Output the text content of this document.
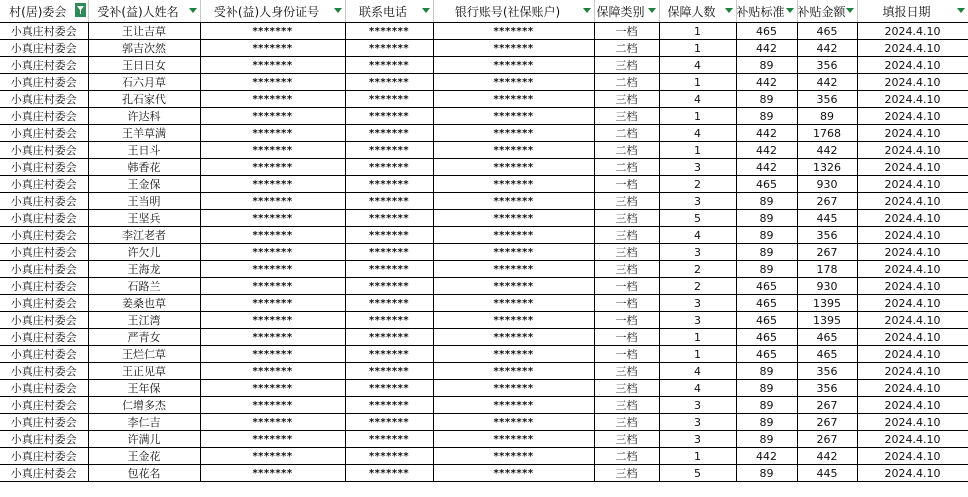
村(居)委会	受补(益)人姓名	受补(益)人身份证号	联系电话	银行账号(社保账户)	保障类别	保障人数	补贴标准	补贴金额	填报日期

小真庄村委会	王让吉草	*******	*******	*******	一档	1	465	465	2024.4.10
小真庄村委会	郭吉次然	*******	*******	*******	二档	1	442	442	2024.4.10
小真庄村委会	王日日女	*******	*******	*******	三档	4	89	356	2024.4.10
小真庄村委会	石六月草	*******	*******	*******	二档	1	442	442	2024.4.10
小真庄村委会	孔石家代	*******	*******	*******	三档	4	89	356	2024.4.10
小真庄村委会	许达科	*******	*******	*******	三档	1	89	89	2024.4.10
小真庄村委会	王羊草满	*******	*******	*******	二档	4	442	1768	2024.4.10
小真庄村委会	王日斗	*******	*******	*******	二档	1	442	442	2024.4.10
小真庄村委会	韩香花	*******	*******	*******	二档	3	442	1326	2024.4.10
小真庄村委会	王金保	*******	*******	*******	一档	2	465	930	2024.4.10
小真庄村委会	王当明	*******	*******	*******	三档	3	89	267	2024.4.10
小真庄村委会	王坚兵	*******	*******	*******	三档	5	89	445	2024.4.10
小真庄村委会	李江老者	*******	*******	*******	三档	4	89	356	2024.4.10
小真庄村委会	许欠儿	*******	*******	*******	三档	3	89	267	2024.4.10
小真庄村委会	王海龙	*******	*******	*******	三档	2	89	178	2024.4.10
小真庄村委会	石路兰	*******	*******	*******	一档	2	465	930	2024.4.10
小真庄村委会	姜桑也草	*******	*******	*******	一档	3	465	1395	2024.4.10
小真庄村委会	王江湾	*******	*******	*******	一档	3	465	1395	2024.4.10
小真庄村委会	严青女	*******	*******	*******	一档	1	465	465	2024.4.10
小真庄村委会	王烂仁草	*******	*******	*******	一档	1	465	465	2024.4.10
小真庄村委会	王正见草	*******	*******	*******	三档	4	89	356	2024.4.10
小真庄村委会	王年保	*******	*******	*******	三档	4	89	356	2024.4.10
小真庄村委会	仁增多杰	*******	*******	*******	三档	3	89	267	2024.4.10
小真庄村委会	李仁吉	*******	*******	*******	三档	3	89	267	2024.4.10
小真庄村委会	许满儿	*******	*******	*******	三档	3	89	267	2024.4.10
小真庄村委会	王金花	*******	*******	*******	二档	1	442	442	2024.4.10
小真庄村委会	包花名	*******	*******	*******	三档	5	89	445	2024.4.10
